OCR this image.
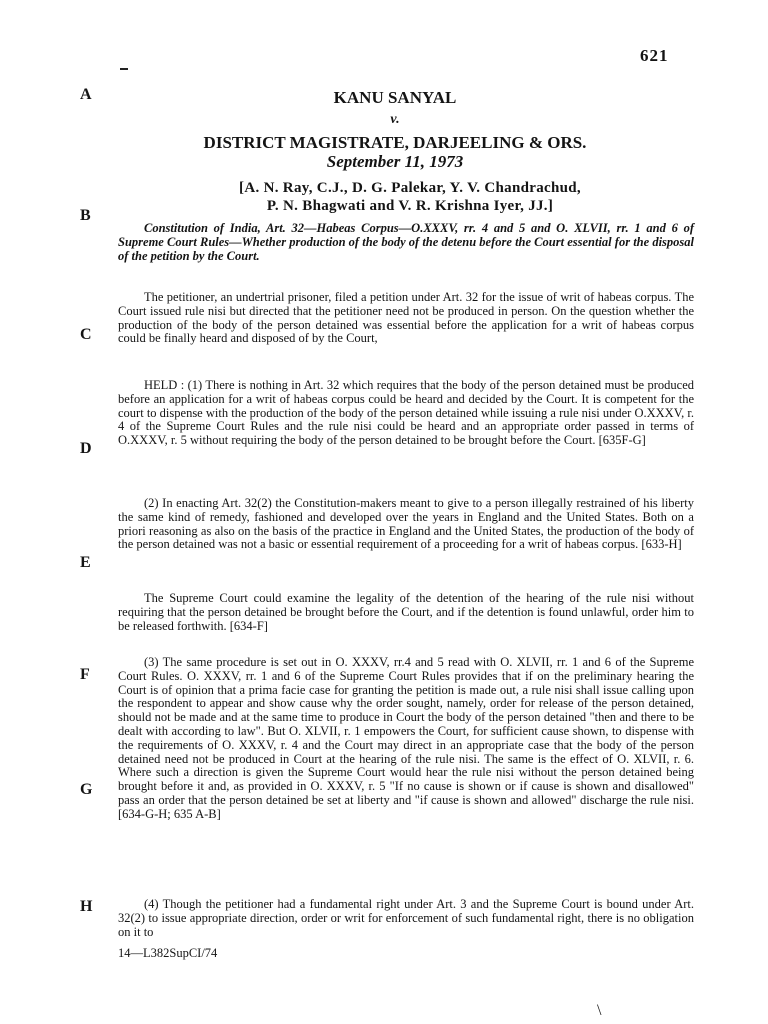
621
A
B
C
D
E
F
G
H
KANU SANYAL
v.
DISTRICT MAGISTRATE, DARJEELING & ORS.
September 11, 1973
[A. N. Ray, C.J., D. G. Palekar, Y. V. Chandrachud,
P. N. Bhagwati and V. R. Krishna Iyer, JJ.]
Constitution of India, Art. 32—Habeas Corpus—O.XXXV, rr. 4 and 5 and O. XLVII, rr. 1 and 6 of Supreme Court Rules—Whether production of the body of the detenu before the Court essential for the disposal of the petition by the Court.
The petitioner, an undertrial prisoner, filed a petition under Art. 32 for the issue of writ of habeas corpus. The Court issued rule nisi but directed that the petitioner need not be produced in person. On the question whether the production of the body of the person detained was essential before the application for a writ of habeas corpus could be finally heard and disposed of by the Court,
HELD : (1) There is nothing in Art. 32 which requires that the body of the person detained must be produced before an application for a writ of habeas corpus could be heard and decided by the Court. It is competent for the court to dispense with the production of the body of the person detained while issuing a rule nisi under O.XXXV, r. 4 of the Supreme Court Rules and the rule nisi could be heard and an appropriate order passed in terms of O.XXXV, r. 5 without requiring the body of the person detained to be brought before the Court. [635F-G]
(2) In enacting Art. 32(2) the Constitution-makers meant to give to a person illegally restrained of his liberty the same kind of remedy, fashioned and developed over the years in England and the United States. Both on a priori reasoning as also on the basis of the practice in England and the United States, the production of the body of the person detained was not a basic or essential requirement of a proceeding for a writ of habeas corpus. [633-H]
The Supreme Court could examine the legality of the detention of the hearing of the rule nisi without requiring that the person detained be brought before the Court, and if the detention is found unlawful, order him to be released forthwith. [634-F]
(3) The same procedure is set out in O. XXXV, rr.4 and 5 read with O. XLVII, rr. 1 and 6 of the Supreme Court Rules. O. XXXV, rr. 1 and 6 of the Supreme Court Rules provides that if on the preliminary hearing the Court is of opinion that a prima facie case for granting the petition is made out, a rule nisi shall issue calling upon the respondent to appear and show cause why the order sought, namely, order for release of the person detained, should not be made and at the same time to produce in Court the body of the person detained "then and there to be dealt with according to law". But O. XLVII, r. 1 empowers the Court, for sufficient cause shown, to dispense with the requirements of O. XXXV, r. 4 and the Court may direct in an appropriate case that the body of the person detained need not be produced in Court at the hearing of the rule nisi. The same is the effect of O. XLVII, r. 6. Where such a direction is given the Supreme Court would hear the rule nisi without the person detained being brought before it and, as provided in O. XXXV, r. 5 "If no cause is shown or if cause is shown and disallowed" pass an order that the person detained be set at liberty and "if cause is shown and allowed" discharge the rule nisi. [634-G-H; 635 A-B]
(4) Though the petitioner had a fundamental right under Art. 3 and the Supreme Court is bound under Art. 32(2) to issue appropriate direction, order or writ for enforcement of such fundamental right, there is no obligation on it to
14—L382SupCI/74
\
